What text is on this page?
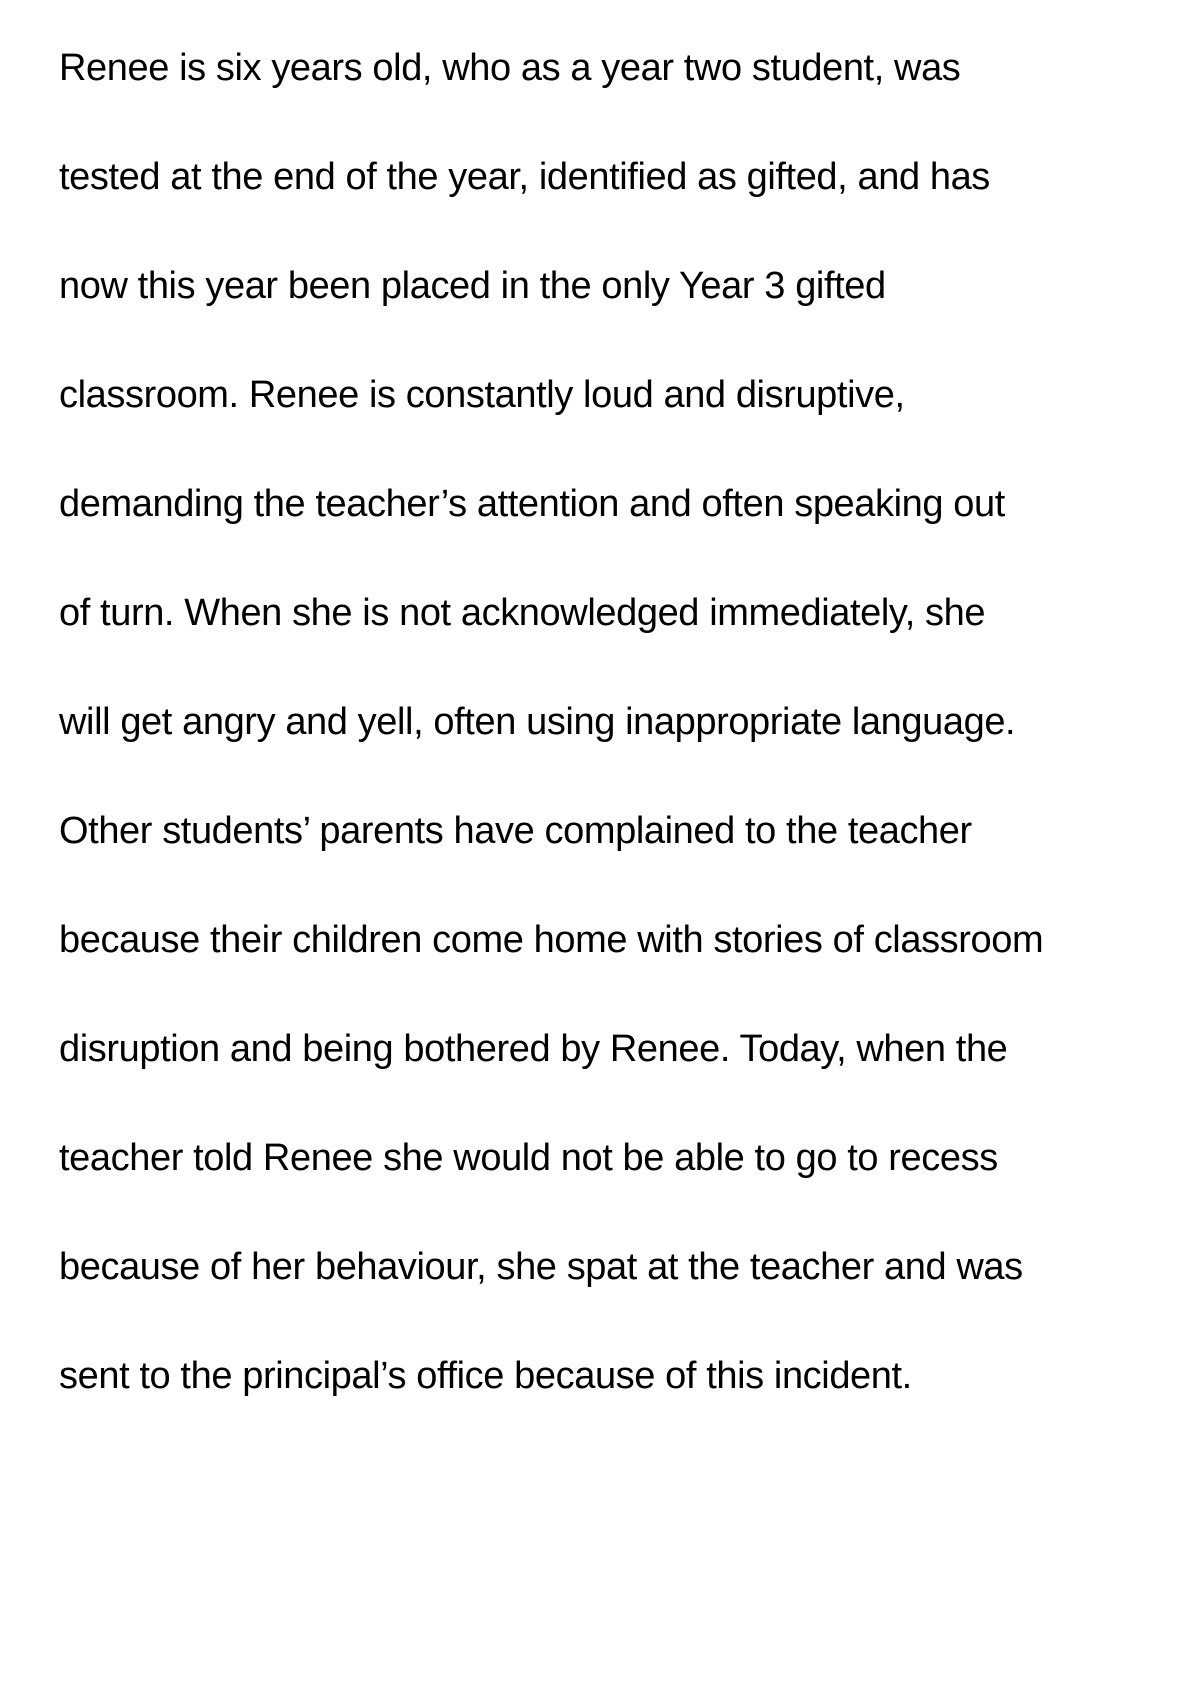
Renee is six years old, who as a year two student, was
tested at the end of the year, identified as gifted, and has
now this year been placed in the only Year 3 gifted
classroom. Renee is constantly loud and disruptive,
demanding the teacher’s attention and often speaking out
of turn. When she is not acknowledged immediately, she
will get angry and yell, often using inappropriate language.
Other students’ parents have complained to the teacher
because their children come home with stories of classroom
disruption and being bothered by Renee. Today, when the
teacher told Renee she would not be able to go to recess
because of her behaviour, she spat at the teacher and was
sent to the principal’s office because of this incident.
